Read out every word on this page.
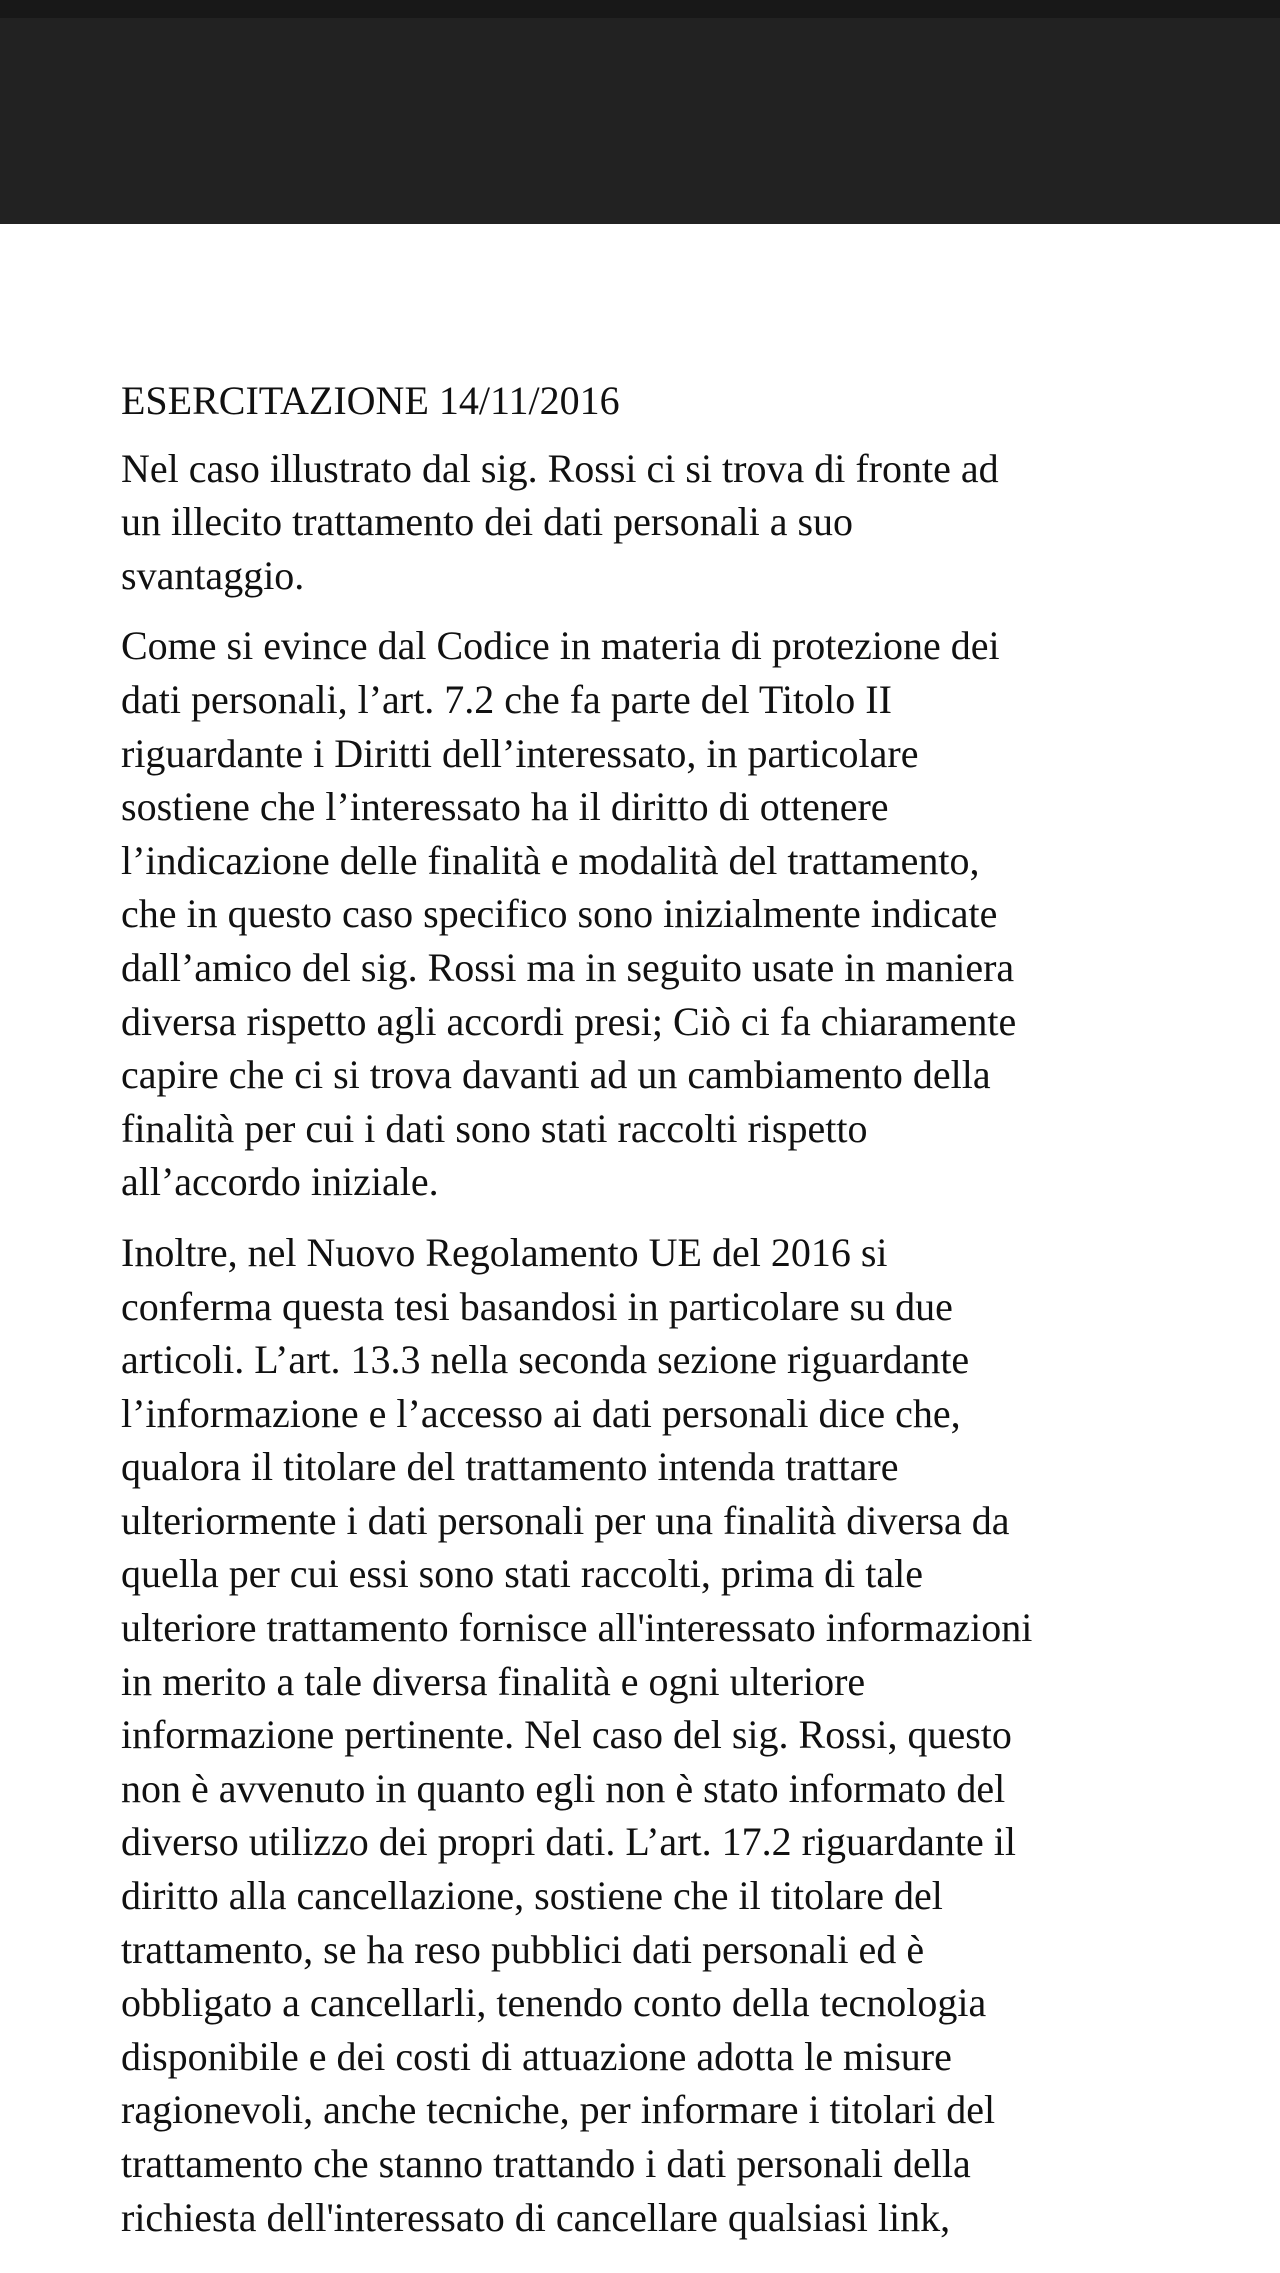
ESERCITAZIONE 14/11/2016

Nel caso illustrato dal sig. Rossi ci si trova di fronte ad
un illecito trattamento dei dati personali a suo
svantaggio.

Come si evince dal Codice in materia di protezione dei
dati personali, l’art. 7.2 che fa parte del Titolo II
riguardante i Diritti dell’interessato, in particolare
sostiene che l’interessato ha il diritto di ottenere
l’indicazione delle finalità e modalità del trattamento,
che in questo caso specifico sono inizialmente indicate
dall’amico del sig. Rossi ma in seguito usate in maniera
diversa rispetto agli accordi presi; Ciò ci fa chiaramente
capire che ci si trova davanti ad un cambiamento della
finalità per cui i dati sono stati raccolti rispetto
all’accordo iniziale.

Inoltre, nel Nuovo Regolamento UE del 2016 si
conferma questa tesi basandosi in particolare su due
articoli. L’art. 13.3 nella seconda sezione riguardante
l’informazione e l’accesso ai dati personali dice che,
qualora il titolare del trattamento intenda trattare
ulteriormente i dati personali per una finalità diversa da
quella per cui essi sono stati raccolti, prima di tale
ulteriore trattamento fornisce all'interessato informazioni
in merito a tale diversa finalità e ogni ulteriore
informazione pertinente. Nel caso del sig. Rossi, questo
non è avvenuto in quanto egli non è stato informato del
diverso utilizzo dei propri dati. L’art. 17.2 riguardante il
diritto alla cancellazione, sostiene che il titolare del
trattamento, se ha reso pubblici dati personali ed è
obbligato a cancellarli, tenendo conto della tecnologia
disponibile e dei costi di attuazione adotta le misure
ragionevoli, anche tecniche, per informare i titolari del
trattamento che stanno trattando i dati personali della
richiesta dell'interessato di cancellare qualsiasi link,
